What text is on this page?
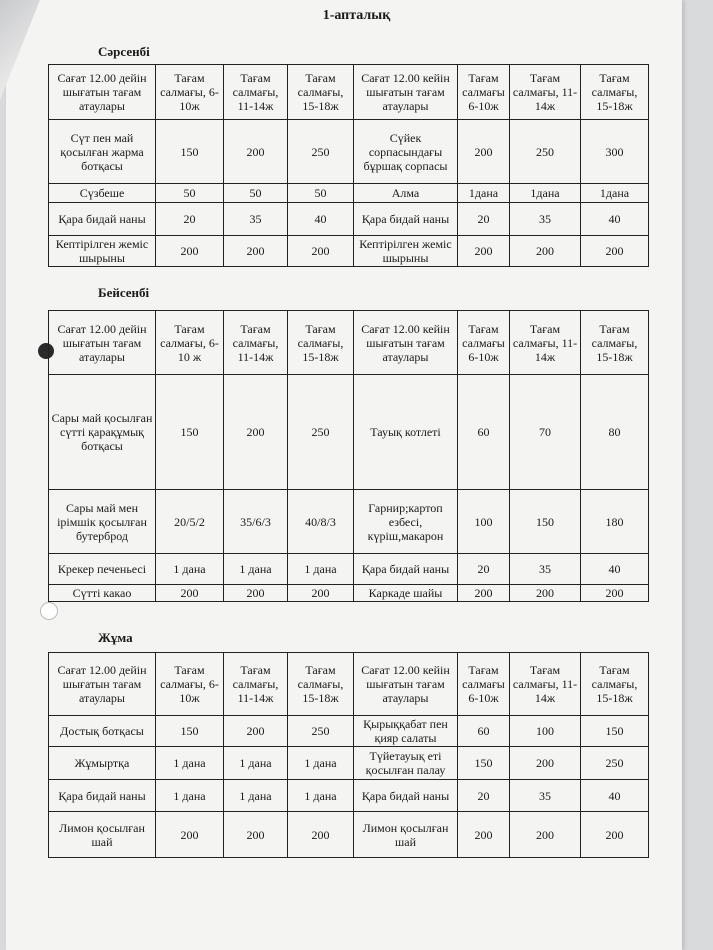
1-апталық
Сәрсенбі
Сағат 12.00 дейін шығатын тағам атаулары	Тағам салмағы, 6-10ж	Тағам салмағы, 11-14ж	Тағам салмағы, 15-18ж	Сағат 12.00 кейін шығатын тағам атаулары	Тағам салмағы 6-10ж	Тағам салмағы, 11-14ж	Тағам салмағы, 15-18ж
Сүт пен май қосылған жарма ботқасы	150	200	250	Сүйек сорпасындағы бұршақ сорпасы	200	250	300
Сүзбеше	50	50	50	Алма	1дана	1дана	1дана
Қара бидай наны	20	35	40	Қара бидай наны	20	35	40
Кептірілген жеміс шырыны	200	200	200	Кептірілген жеміс шырыны	200	200	200
Бейсенбі
Сағат 12.00 дейін шығатын тағам атаулары	Тағам салмағы, 6-10 ж	Тағам салмағы, 11-14ж	Тағам салмағы, 15-18ж	Сағат 12.00 кейін шығатын тағам атаулары	Тағам салмағы 6-10ж	Тағам салмағы, 11-14ж	Тағам салмағы, 15-18ж
Сары май қосылған сүтті қарақұмық ботқасы	150	200	250	Тауық котлеті	60	70	80
Сары май мен ірімшік қосылған бутерброд	20/5/2	35/6/3	40/8/3	Гарнир;картоп езбесі, күріш,макарон	100	150	180
Крекер печеньесі	1 дана	1 дана	1 дана	Қара бидай наны	20	35	40
Сүтті какао	200	200	200	Каркаде шайы	200	200	200
Жұма
Сағат 12.00 дейін шығатын тағам атаулары	Тағам салмағы, 6-10ж	Тағам салмағы, 11-14ж	Тағам салмағы, 15-18ж	Сағат 12.00 кейін шығатын тағам атаулары	Тағам салмағы 6-10ж	Тағам салмағы, 11-14ж	Тағам салмағы, 15-18ж
Достық ботқасы	150	200	250	Қырыққабат пен қияр салаты	60	100	150
Жұмыртқа	1 дана	1 дана	1 дана	Түйетауық еті қосылған палау	150	200	250
Қара бидай наны	1 дана	1 дана	1 дана	Қара бидай наны	20	35	40
Лимон қосылған шай	200	200	200	Лимон қосылған шай	200	200	200
